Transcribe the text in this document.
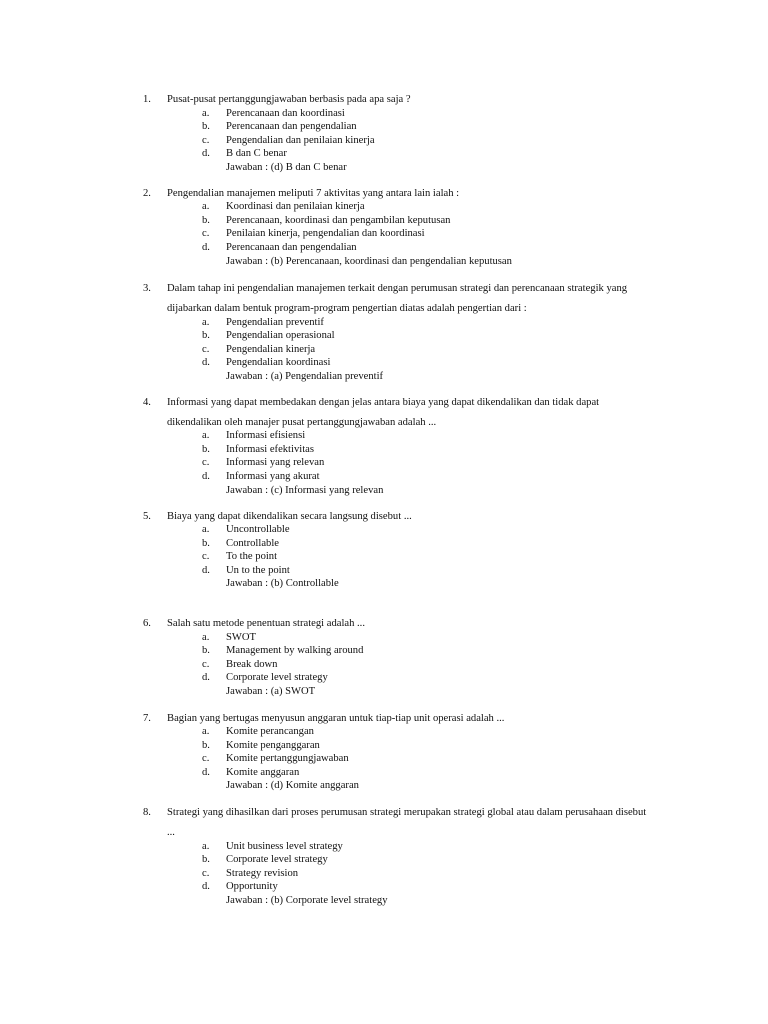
1. Pusat-pusat pertanggungjawaban berbasis pada apa saja ?
a. Perencanaan dan koordinasi
b. Perencanaan dan pengendalian
c. Pengendalian dan penilaian kinerja
d. B dan C benar
Jawaban : (d) B dan C benar
2. Pengendalian manajemen meliputi 7 aktivitas yang antara lain ialah :
a. Koordinasi dan penilaian kinerja
b. Perencanaan, koordinasi dan pengambilan keputusan
c. Penilaian kinerja, pengendalian dan koordinasi
d. Perencanaan dan pengendalian
Jawaban : (b) Perencanaan, koordinasi dan pengendalian keputusan
3. Dalam tahap ini pengendalian manajemen terkait dengan perumusan strategi dan perencanaan strategik yang
dijabarkan dalam bentuk program-program pengertian diatas adalah pengertian dari :
a. Pengendalian preventif
b. Pengendalian operasional
c. Pengendalian kinerja
d. Pengendalian koordinasi
Jawaban : (a) Pengendalian preventif
4. Informasi yang dapat membedakan dengan jelas antara biaya yang dapat dikendalikan dan tidak dapat
dikendalikan oleh manajer pusat pertanggungjawaban adalah ...
a. Informasi efisiensi
b. Informasi efektivitas
c. Informasi yang relevan
d. Informasi yang akurat
Jawaban : (c) Informasi yang relevan
5. Biaya yang dapat dikendalikan secara langsung disebut ...
a. Uncontrollable
b. Controllable
c. To the point
d. Un to the point
Jawaban : (b) Controllable
6. Salah satu metode penentuan strategi adalah ...
a. SWOT
b. Management by walking around
c. Break down
d. Corporate level strategy
Jawaban : (a) SWOT
7. Bagian yang bertugas menyusun anggaran untuk tiap-tiap unit operasi adalah ...
a. Komite perancangan
b. Komite penganggaran
c. Komite pertanggungjawaban
d. Komite anggaran
Jawaban : (d) Komite anggaran
8. Strategi yang dihasilkan dari proses perumusan strategi merupakan strategi global atau dalam perusahaan disebut
...
a. Unit business level strategy
b. Corporate level strategy
c. Strategy revision
d. Opportunity
Jawaban : (b) Corporate level strategy
